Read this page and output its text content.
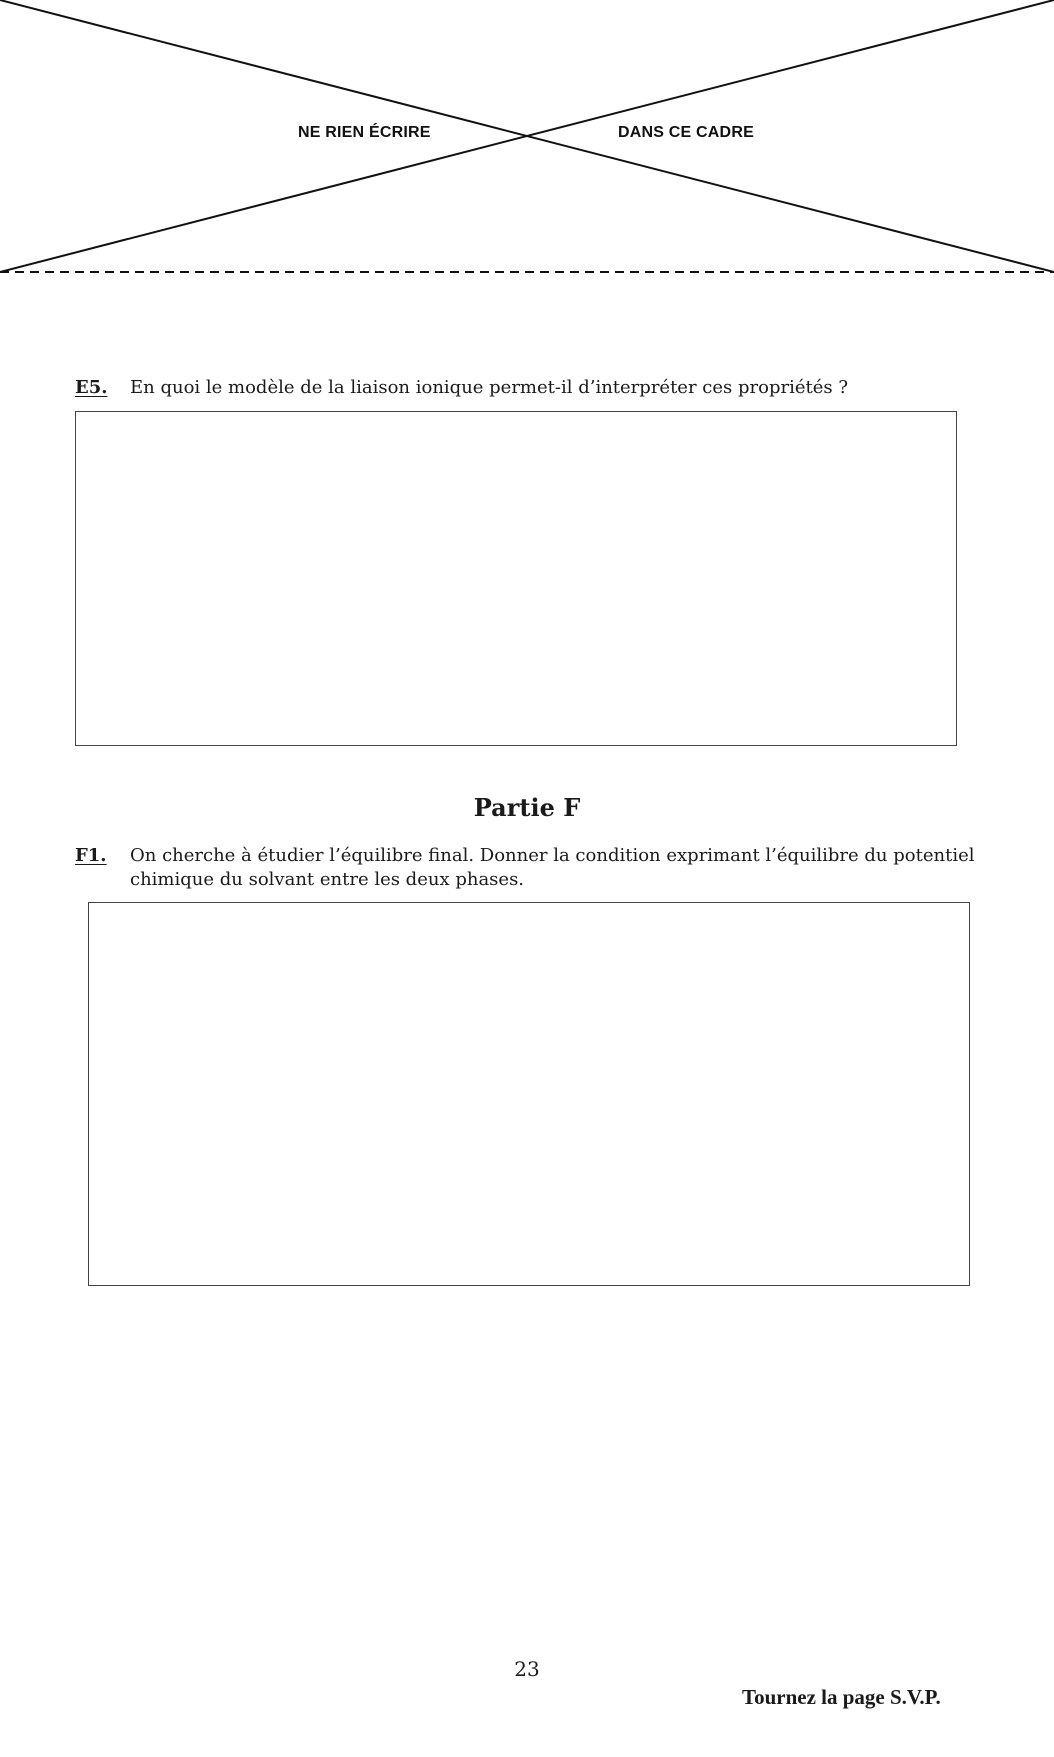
NE RIEN ÉCRIRE	DANS CE CADRE
E5. En quoi le modèle de la liaison ionique permet-il d’interpréter ces propriétés ?
Partie F
F1. On cherche à étudier l’équilibre final. Donner la condition exprimant l’équilibre du potentiel chimique du solvant entre les deux phases.
23
Tournez la page S.V.P.
